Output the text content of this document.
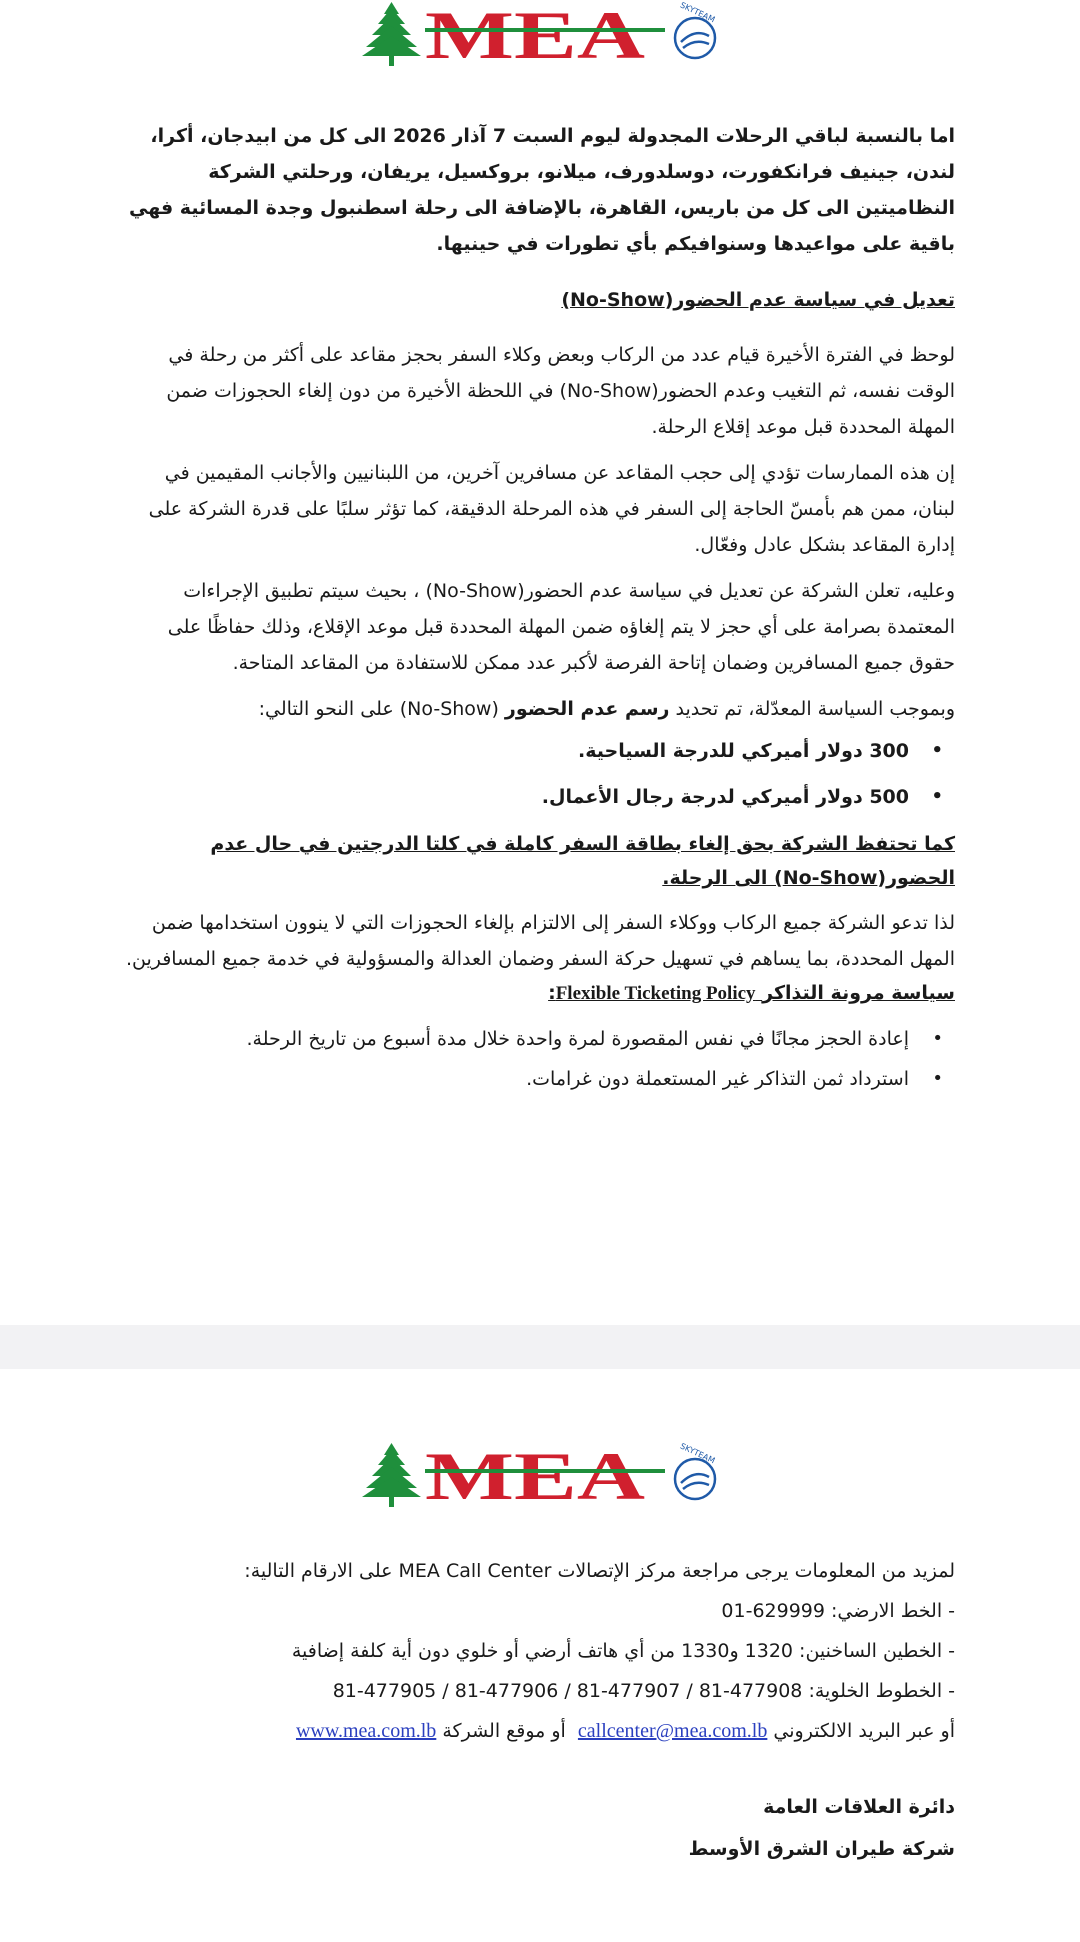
اما بالنسبة لباقي الرحلات المجدولة ليوم السبت 7 آذار 2026 الى كل من ابيدجان، أكرا، لندن، جينيف فرانكفورت، دوسلدورف، ميلانو، بروكسيل، يريفان، ورحلتي الشركة النظاميتين الى كل من باريس، القاهرة، بالإضافة الى رحلة اسطنبول وجدة المسائية فهي باقية على مواعيدها وسنوافيكم بأي تطورات في حينيها.

تعديل في سياسة عدم الحضور(No-Show)

لوحظ في الفترة الأخيرة قيام عدد من الركاب وبعض وكلاء السفر بحجز مقاعد على أكثر من رحلة في الوقت نفسه، ثم التغيب وعدم الحضور(No-Show) في اللحظة الأخيرة من دون إلغاء الحجوزات ضمن المهلة المحددة قبل موعد إقلاع الرحلة.

إن هذه الممارسات تؤدي إلى حجب المقاعد عن مسافرين آخرين، من اللبنانيين والأجانب المقيمين في لبنان، ممن هم بأمسّ الحاجة إلى السفر في هذه المرحلة الدقيقة، كما تؤثر سلبًا على قدرة الشركة على إدارة المقاعد بشكل عادل وفعّال.

وعليه، تعلن الشركة عن تعديل في سياسة عدم الحضور(No-Show) ، بحيث سيتم تطبيق الإجراءات المعتمدة بصرامة على أي حجز لا يتم إلغاؤه ضمن المهلة المحددة قبل موعد الإقلاع، وذلك حفاظًا على حقوق جميع المسافرين وضمان إتاحة الفرصة لأكبر عدد ممكن للاستفادة من المقاعد المتاحة.

وبموجب السياسة المعدّلة، تم تحديد رسم عدم الحضور (No-Show) على النحو التالي:

• 300 دولار أميركي للدرجة السياحية.
• 500 دولار أميركي لدرجة رجال الأعمال.

كما تحتفظ الشركة بحق إلغاء بطاقة السفر كاملة في كلتا الدرجتين في حال عدم الحضور(No-Show) الى الرحلة.

لذا تدعو الشركة جميع الركاب ووكلاء السفر إلى الالتزام بإلغاء الحجوزات التي لا ينوون استخدامها ضمن المهل المحددة، بما يساهم في تسهيل حركة السفر وضمان العدالة والمسؤولية في خدمة جميع المسافرين.

سياسة مرونة التذاكر Flexible Ticketing Policy:

• إعادة الحجز مجانًا في نفس المقصورة لمرة واحدة خلال مدة أسبوع من تاريخ الرحلة.
• استرداد ثمن التذاكر غير المستعملة دون غرامات.

لمزيد من المعلومات يرجى مراجعة مركز الإتصالات MEA Call Center على الارقام التالية:

- الخط الارضي: 629999-01

- الخطين الساخنين: 1320 و1330 من أي هاتف أرضي أو خلوي دون أية كلفة إضافية

- الخطوط الخلوية: 81-477905 / 81-477906 / 81-477907 / 81-477908

أو عبر البريد الالكتروني callcenter@mea.com.lb  أو موقع الشركة www.mea.com.lb

دائرة العلاقات العامة

شركة طيران الشرق الأوسط
